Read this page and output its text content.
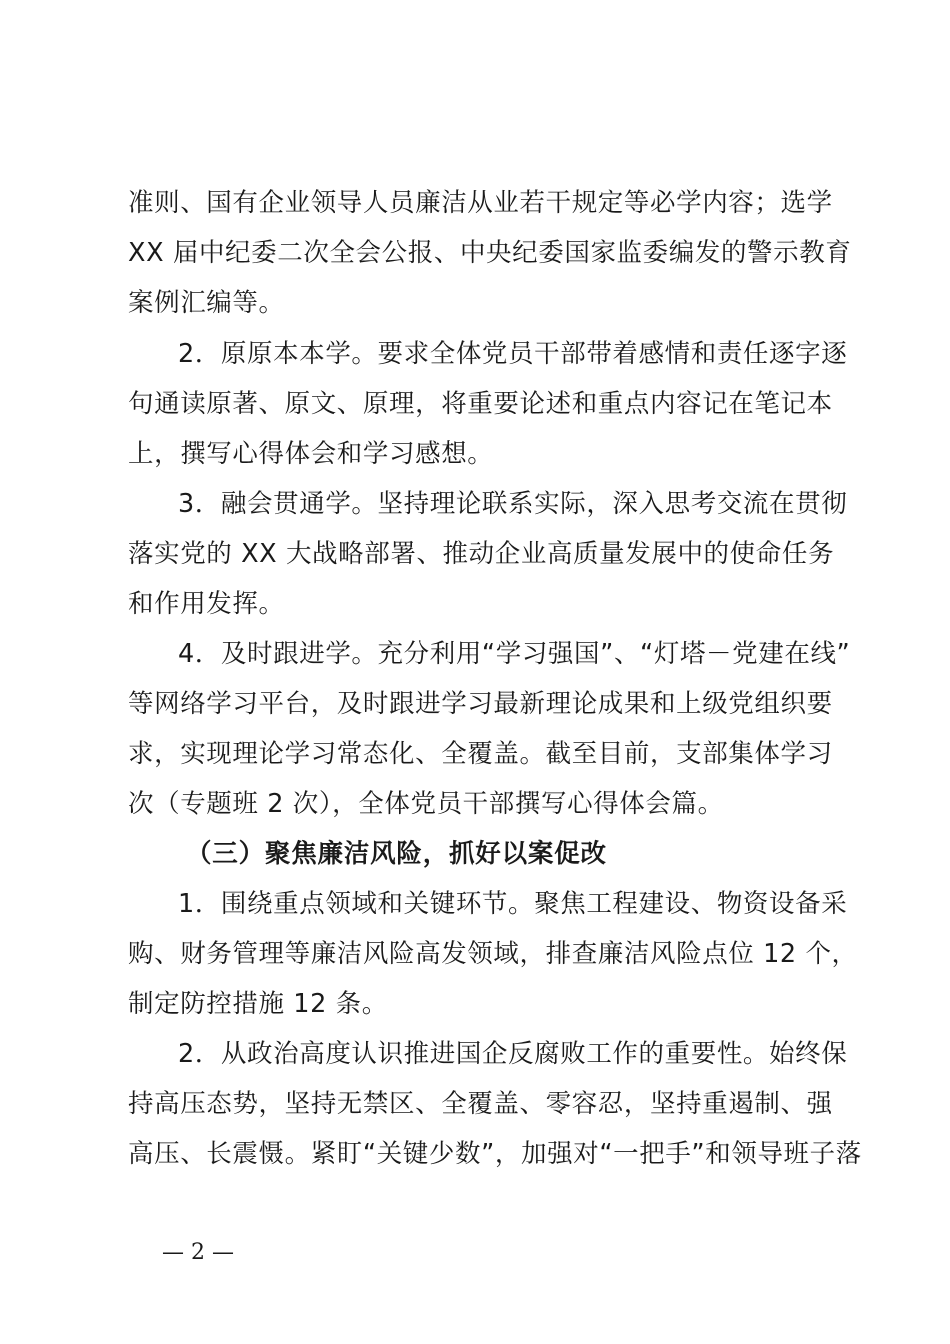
准则、国有企业领导人员廉洁从业若干规定等必学内容；选学
XX 届中纪委二次全会公报、中央纪委国家监委编发的警示教育
案例汇编等。
2．原原本本学。要求全体党员干部带着感情和责任逐字逐
句通读原著、原文、原理，将重要论述和重点内容记在笔记本
上，撰写心得体会和学习感想。
3．融会贯通学。坚持理论联系实际，深入思考交流在贯彻
落实党的 XX 大战略部署、推动企业高质量发展中的使命任务
和作用发挥。
4．及时跟进学。充分利用“学习强国”、“灯塔－党建在线”
等网络学习平台，及时跟进学习最新理论成果和上级党组织要
求，实现理论学习常态化、全覆盖。截至目前，支部集体学习
次（专题班 2 次），全体党员干部撰写心得体会篇。
（三）聚焦廉洁风险，抓好以案促改
1．围绕重点领域和关键环节。聚焦工程建设、物资设备采
购、财务管理等廉洁风险高发领域，排查廉洁风险点位 12 个，
制定防控措施 12 条。
2．从政治高度认识推进国企反腐败工作的重要性。始终保
持高压态势，坚持无禁区、全覆盖、零容忍，坚持重遏制、强
高压、长震慑。紧盯“关键少数”，加强对“一把手”和领导班子落
— 2 —
